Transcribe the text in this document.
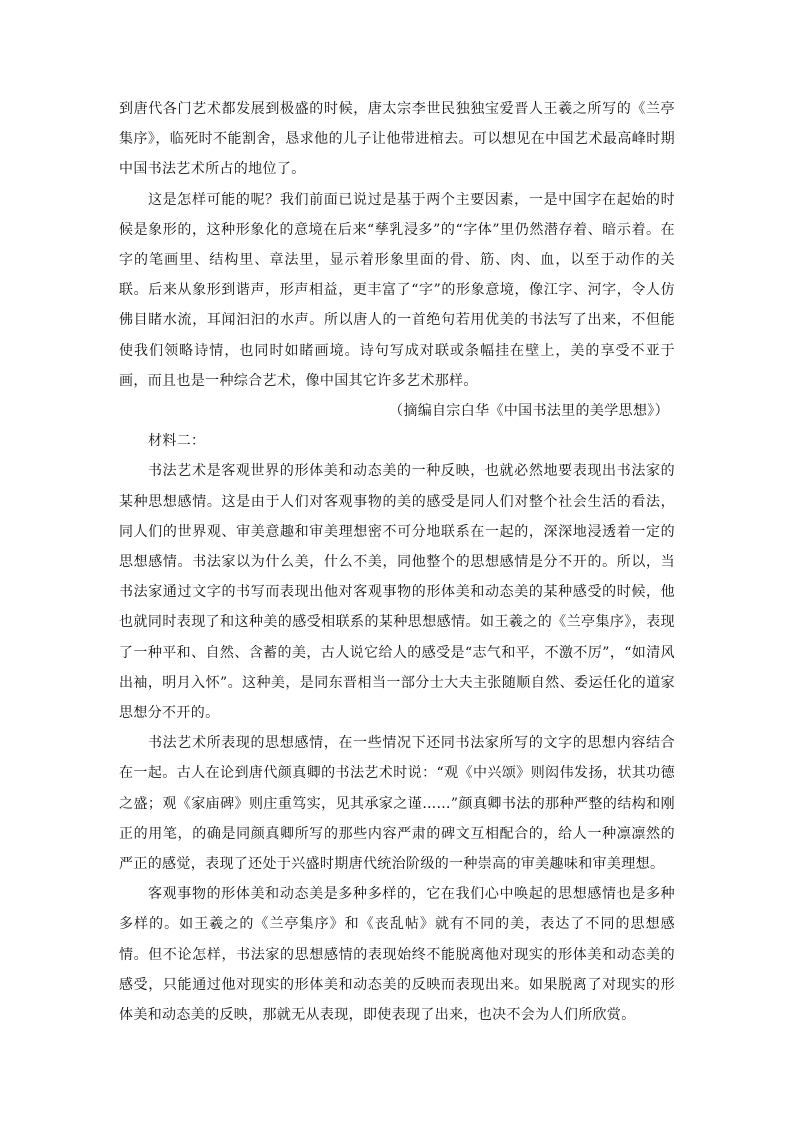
到唐代各门艺术都发展到极盛的时候，唐太宗李世民独独宝爱晋人王羲之所写的《兰亭集序》，临死时不能割舍，恳求他的儿子让他带进棺去。可以想见在中国艺术最高峰时期中国书法艺术所占的地位了。

这是怎样可能的呢？我们前面已说过是基于两个主要因素，一是中国字在起始的时候是象形的，这种形象化的意境在后来“孳乳浸多”的“字体”里仍然潜存着、暗示着。在字的笔画里、结构里、章法里，显示着形象里面的骨、筋、肉、血，以至于动作的关联。后来从象形到谐声，形声相益，更丰富了“字”的形象意境，像江字、河字，令人仿佛目睹水流，耳闻汩汩的水声。所以唐人的一首绝句若用优美的书法写了出来，不但能使我们领略诗情，也同时如睹画境。诗句写成对联或条幅挂在壁上，美的享受不亚于画，而且也是一种综合艺术，像中国其它许多艺术那样。

（摘编自宗白华《中国书法里的美学思想》）

材料二：

书法艺术是客观世界的形体美和动态美的一种反映，也就必然地要表现出书法家的某种思想感情。这是由于人们对客观事物的美的感受是同人们对整个社会生活的看法，同人们的世界观、审美意趣和审美理想密不可分地联系在一起的，深深地浸透着一定的思想感情。书法家以为什么美，什么不美，同他整个的思想感情是分不开的。所以，当书法家通过文字的书写而表现出他对客观事物的形体美和动态美的某种感受的时候，他也就同时表现了和这种美的感受相联系的某种思想感情。如王羲之的《兰亭集序》，表现了一种平和、自然、含蓄的美，古人说它给人的感受是“志气和平，不激不厉”，“如清风出袖，明月入怀”。这种美，是同东晋相当一部分士大夫主张随顺自然、委运任化的道家思想分不开的。

书法艺术所表现的思想感情，在一些情况下还同书法家所写的文字的思想内容结合在一起。古人在论到唐代颜真卿的书法艺术时说：“观《中兴颂》则闳伟发扬，状其功德之盛；观《家庙碑》则庄重笃实，见其承家之谨……”颜真卿书法的那种严整的结构和刚正的用笔，的确是同颜真卿所写的那些内容严肃的碑文互相配合的，给人一种凛凛然的严正的感觉，表现了还处于兴盛时期唐代统治阶级的一种崇高的审美趣味和审美理想。

客观事物的形体美和动态美是多种多样的，它在我们心中唤起的思想感情也是多种多样的。如王羲之的《兰亭集序》和《丧乱帖》就有不同的美，表达了不同的思想感情。但不论怎样，书法家的思想感情的表现始终不能脱离他对现实的形体美和动态美的感受，只能通过他对现实的形体美和动态美的反映而表现出来。如果脱离了对现实的形体美和动态美的反映，那就无从表现，即使表现了出来，也决不会为人们所欣赏。
